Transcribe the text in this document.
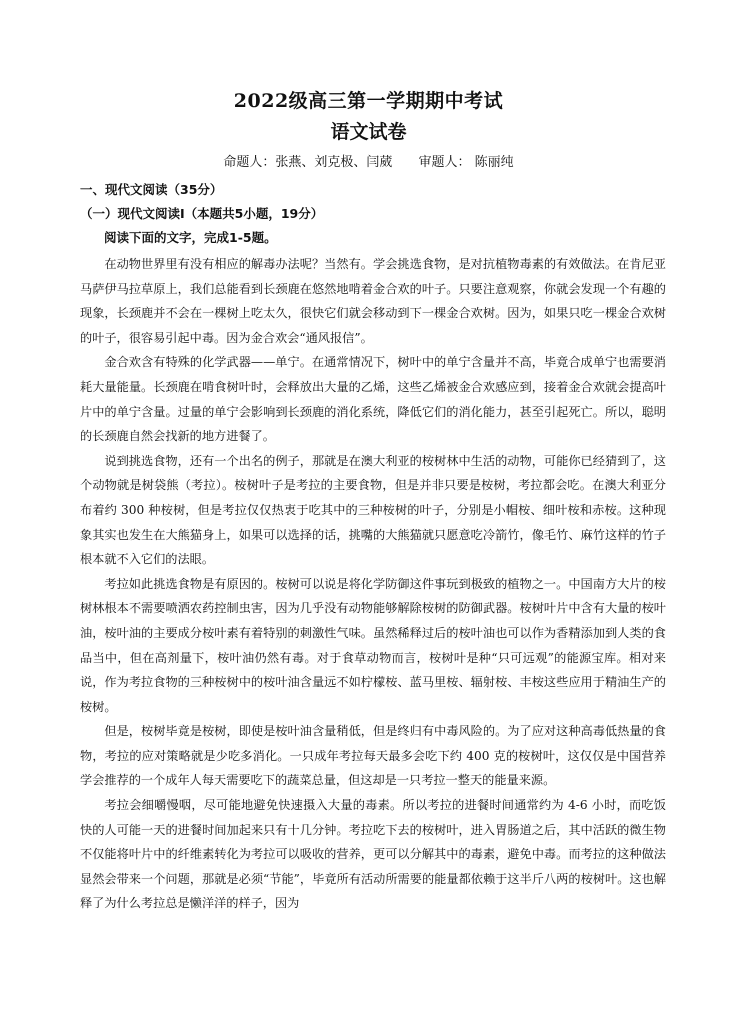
2022级高三第一学期期中考试
语文试卷
命题人：张燕、刘克极、闫葳 审题人： 陈丽纯
一、现代文阅读（35分）
（一）现代文阅读Ⅰ（本题共5小题，19分）
阅读下面的文字，完成1-5题。

在动物世界里有没有相应的解毒办法呢？当然有。学会挑选食物，是对抗植物毒素的有效做法。在肯尼亚马萨伊马拉草原上，我们总能看到长颈鹿在悠然地啃着金合欢的叶子。只要注意观察，你就会发现一个有趣的现象，长颈鹿并不会在一棵树上吃太久，很快它们就会移动到下一棵金合欢树。因为，如果只吃一棵金合欢树的叶子，很容易引起中毒。因为金合欢会“通风报信”。

金合欢含有特殊的化学武器——单宁。在通常情况下，树叶中的单宁含量并不高，毕竟合成单宁也需要消耗大量能量。长颈鹿在啃食树叶时，会释放出大量的乙烯，这些乙烯被金合欢感应到，接着金合欢就会提高叶片中的单宁含量。过量的单宁会影响到长颈鹿的消化系统，降低它们的消化能力，甚至引起死亡。所以，聪明的长颈鹿自然会找新的地方进餐了。

说到挑选食物，还有一个出名的例子，那就是在澳大利亚的桉树林中生活的动物，可能你已经猜到了，这个动物就是树袋熊（考拉）。桉树叶子是考拉的主要食物，但是并非只要是桉树，考拉都会吃。在澳大利亚分布着约 300 种桉树，但是考拉仅仅热衷于吃其中的三种桉树的叶子，分别是小帽桉、细叶桉和赤桉。这种现象其实也发生在大熊猫身上，如果可以选择的话，挑嘴的大熊猫就只愿意吃冷箭竹，像毛竹、麻竹这样的竹子根本就不入它们的法眼。

考拉如此挑选食物是有原因的。桉树可以说是将化学防御这件事玩到极致的植物之一。中国南方大片的桉树林根本不需要喷洒农药控制虫害，因为几乎没有动物能够解除桉树的防御武器。桉树叶片中含有大量的桉叶油，桉叶油的主要成分桉叶素有着特别的刺激性气味。虽然稀释过后的桉叶油也可以作为香精添加到人类的食品当中，但在高剂量下，桉叶油仍然有毒。对于食草动物而言，桉树叶是种“只可远观”的能源宝库。相对来说，作为考拉食物的三种桉树中的桉叶油含量远不如柠檬桉、蓝马里桉、辐射桉、丰桉这些应用于精油生产的桉树。

但是，桉树毕竟是桉树，即使是桉叶油含量稍低，但是终归有中毒风险的。为了应对这种高毒低热量的食物，考拉的应对策略就是少吃多消化。一只成年考拉每天最多会吃下约 400 克的桉树叶，这仅仅是中国营养学会推荐的一个成年人每天需要吃下的蔬菜总量，但这却是一只考拉一整天的能量来源。

考拉会细嚼慢咽，尽可能地避免快速摄入大量的毒素。所以考拉的进餐时间通常约为 4-6 小时，而吃饭快的人可能一天的进餐时间加起来只有十几分钟。考拉吃下去的桉树叶，进入胃肠道之后，其中活跃的微生物不仅能将叶片中的纤维素转化为考拉可以吸收的营养，更可以分解其中的毒素，避免中毒。而考拉的这种做法显然会带来一个问题，那就是必须“节能”，毕竟所有活动所需要的能量都依赖于这半斤八两的桉树叶。这也解释了为什么考拉总是懒洋洋的样子，因为
